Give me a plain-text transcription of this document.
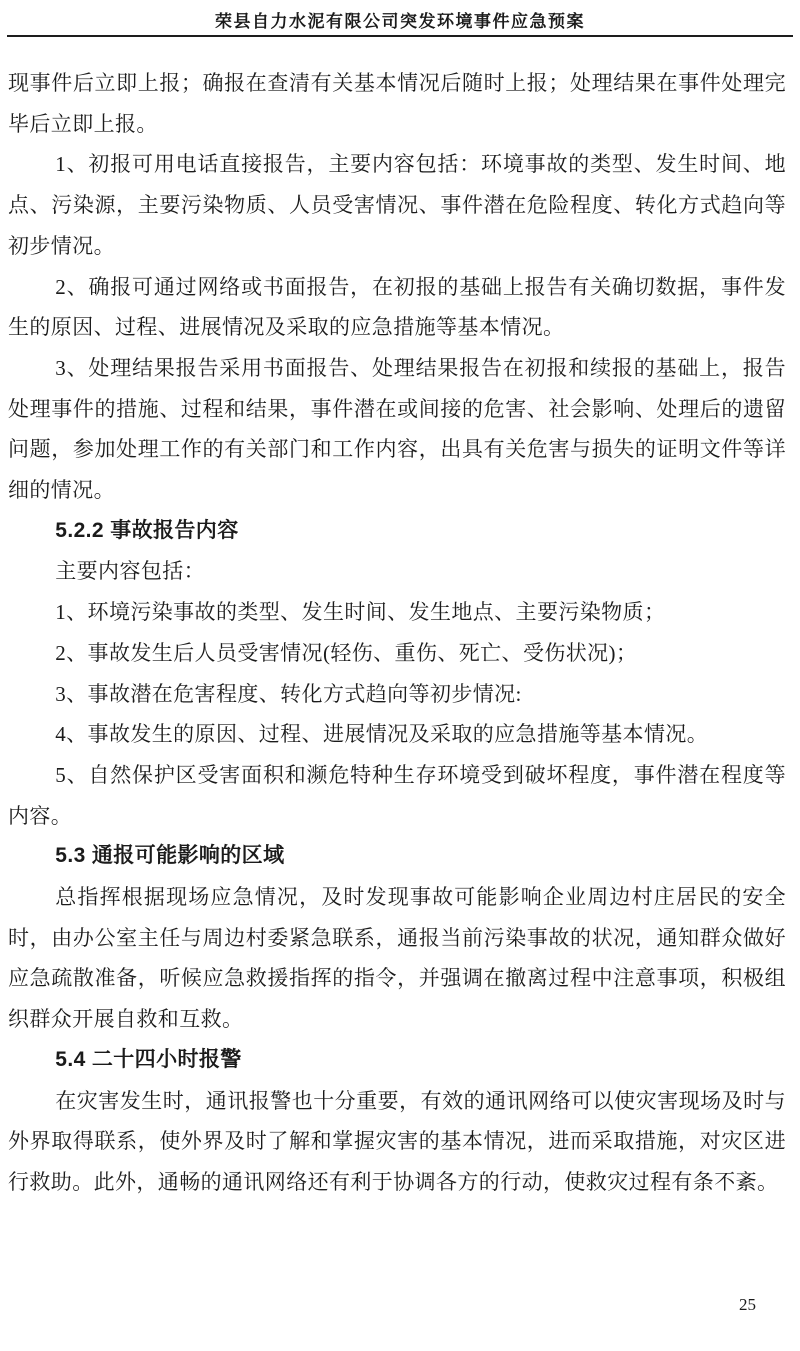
荣县自力水泥有限公司突发环境事件应急预案

现事件后立即上报；确报在查清有关基本情况后随时上报；处理结果在事件处理完毕后立即上报。

1、初报可用电话直接报告，主要内容包括：环境事故的类型、发生时间、地点、污染源，主要污染物质、人员受害情况、事件潜在危险程度、转化方式趋向等初步情况。

2、确报可通过网络或书面报告，在初报的基础上报告有关确切数据，事件发生的原因、过程、进展情况及采取的应急措施等基本情况。

3、处理结果报告采用书面报告、处理结果报告在初报和续报的基础上，报告处理事件的措施、过程和结果，事件潜在或间接的危害、社会影响、处理后的遗留问题，参加处理工作的有关部门和工作内容，出具有关危害与损失的证明文件等详细的情况。

5.2.2 事故报告内容

主要内容包括：

1、环境污染事故的类型、发生时间、发生地点、主要污染物质；

2、事故发生后人员受害情况(轻伤、重伤、死亡、受伤状况)；

3、事故潜在危害程度、转化方式趋向等初步情况:

4、事故发生的原因、过程、进展情况及采取的应急措施等基本情况。

5、自然保护区受害面积和濒危特种生存环境受到破坏程度，事件潜在程度等内容。

5.3 通报可能影响的区域

总指挥根据现场应急情况，及时发现事故可能影响企业周边村庄居民的安全时，由办公室主任与周边村委紧急联系，通报当前污染事故的状况，通知群众做好应急疏散准备，听候应急救援指挥的指令，并强调在撤离过程中注意事项，积极组织群众开展自救和互救。

5.4 二十四小时报警

在灾害发生时，通讯报警也十分重要，有效的通讯网络可以使灾害现场及时与外界取得联系，使外界及时了解和掌握灾害的基本情况，进而采取措施，对灾区进行救助。此外，通畅的通讯网络还有利于协调各方的行动，使救灾过程有条不紊。

25
